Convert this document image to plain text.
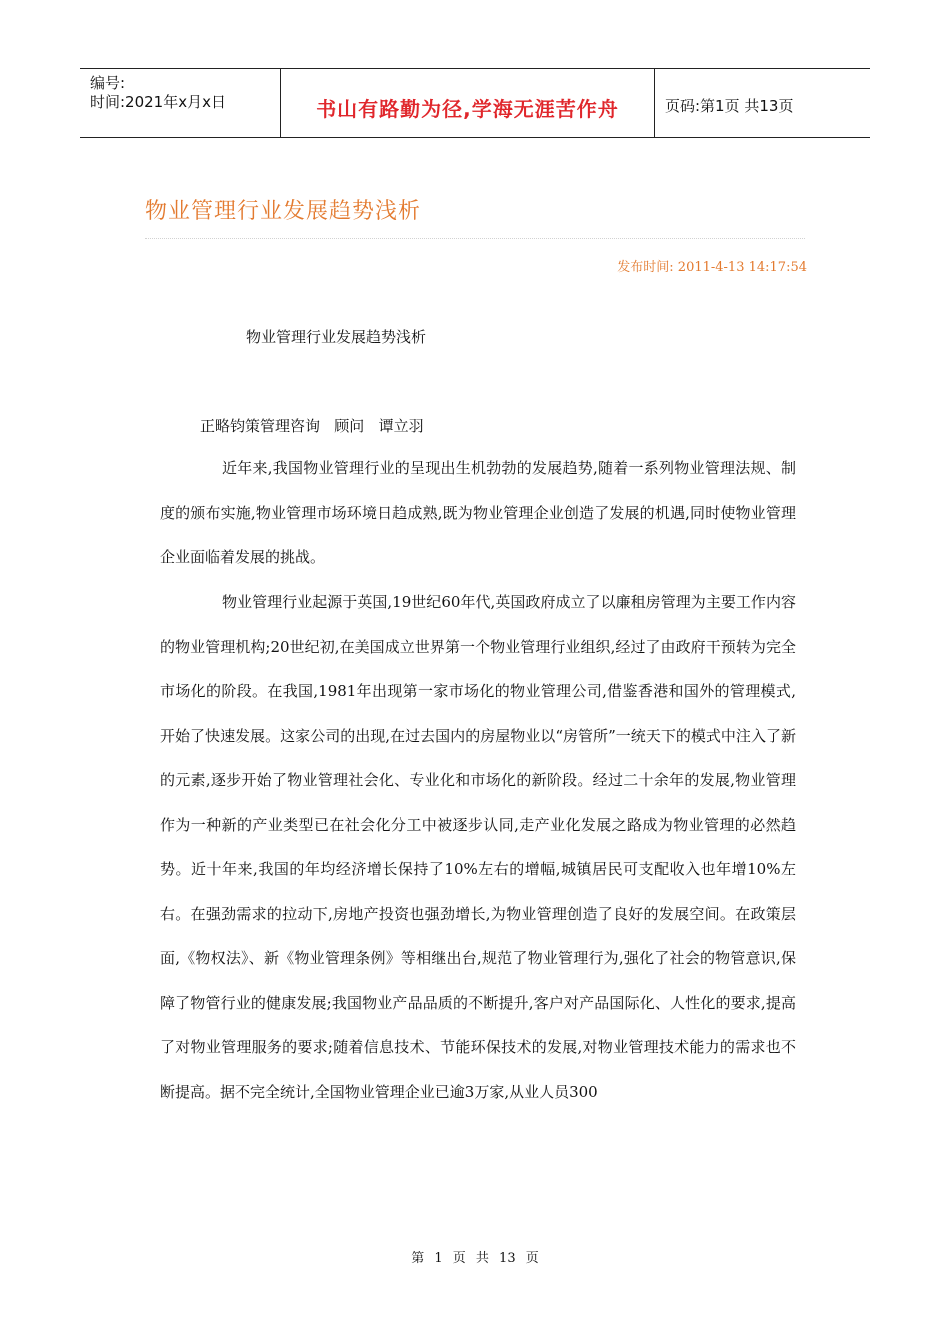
编号:
时间:2021年x月x日	书山有路勤为径,学海无涯苦作舟	页码:第1页 共13页
物业管理行业发展趋势浅析
发布时间: 2011-4-13 14:17:54
物业管理行业发展趋势浅析
正略钧策管理咨询   顾问   谭立羽

近年来,我国物业管理行业的呈现出生机勃勃的发展趋势,随着一系列物业管理法规、制度的颁布实施,物业管理市场环境日趋成熟,既为物业管理企业创造了发展的机遇,同时使物业管理企业面临着发展的挑战。

物业管理行业起源于英国,19世纪60年代,英国政府成立了以廉租房管理为主要工作内容的物业管理机构;20世纪初,在美国成立世界第一个物业管理行业组织,经过了由政府干预转为完全市场化的阶段。在我国,1981年出现第一家市场化的物业管理公司,借鉴香港和国外的管理模式,开始了快速发展。这家公司的出现,在过去国内的房屋物业以“房管所”一统天下的模式中注入了新的元素,逐步开始了物业管理社会化、专业化和市场化的新阶段。经过二十余年的发展,物业管理作为一种新的产业类型已在社会化分工中被逐步认同,走产业化发展之路成为物业管理的必然趋势。近十年来,我国的年均经济增长保持了10%左右的增幅,城镇居民可支配收入也年增10%左右。在强劲需求的拉动下,房地产投资也强劲增长,为物业管理创造了良好的发展空间。在政策层面,《物权法》、新《物业管理条例》等相继出台,规范了物业管理行为,强化了社会的物管意识,保障了物管行业的健康发展;我国物业产品品质的不断提升,客户对产品国际化、人性化的要求,提高了对物业管理服务的要求;随着信息技术、节能环保技术的发展,对物业管理技术能力的需求也不断提高。据不完全统计,全国物业管理企业已逾3万家,从业人员300

第 1 页 共 13 页
